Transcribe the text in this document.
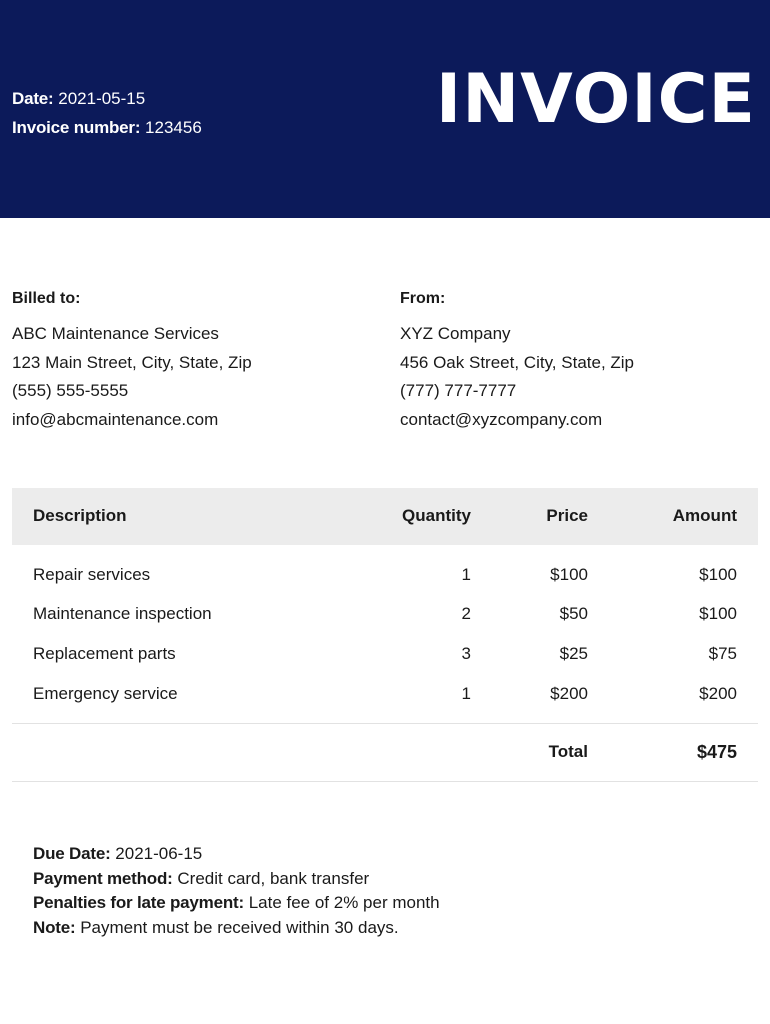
Date: 2021-05-15
Invoice number: 123456	INVOICE
Billed to:
ABC Maintenance Services
123 Main Street, City, State, Zip
(555) 555-5555
info@abcmaintenance.com
From:
XYZ Company
456 Oak Street, City, State, Zip
(777) 777-7777
contact@xyzcompany.com
Description	Quantity	Price	Amount
Repair services	1	$100	$100
Maintenance inspection	2	$50	$100
Replacement parts	3	$25	$75
Emergency service	1	$200	$200
Total	$475
Due Date: 2021-06-15
Payment method: Credit card, bank transfer
Penalties for late payment: Late fee of 2% per month
Note: Payment must be received within 30 days.
